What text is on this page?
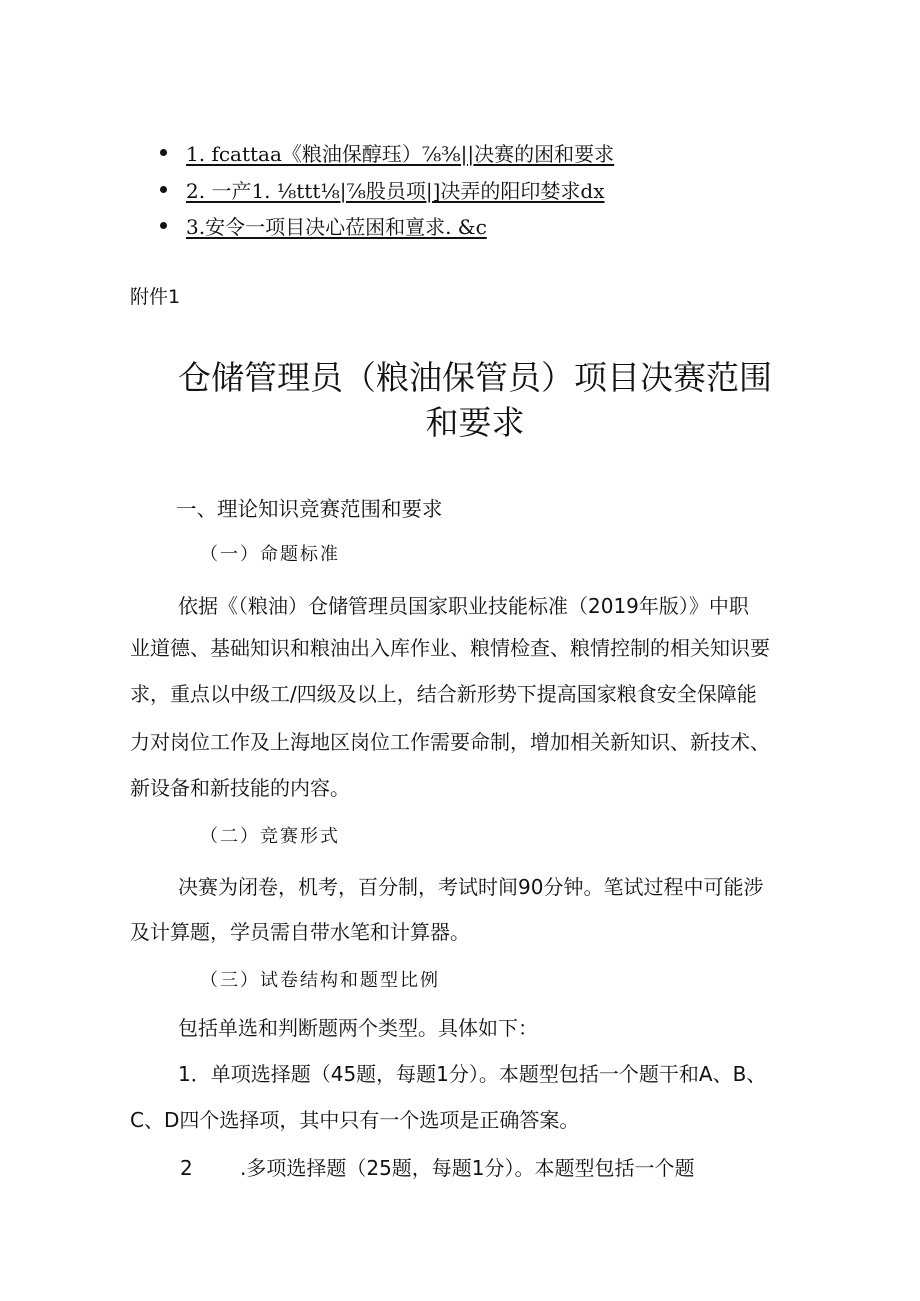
1. fcattaa《粮油保醇珏）⅞⅜||决赛的困和要求
2. 一产1. ⅛ttt⅛|⅞股员项|]决弄的阳印婪求dx
3.安令一项目决心莅困和亶求. &c
附件1
仓储管理员（粮油保管员）项目决赛范围
和要求
一、理论知识竞赛范围和要求
（一）命题标准
依据《（粮油）仓储管理员国家职业技能标准（2019年版）》中职
业道德、基础知识和粮油出入库作业、粮情检查、粮情控制的相关知识要
求，重点以中级工/四级及以上，结合新形势下提高国家粮食安全保障能
力对岗位工作及上海地区岗位工作需要命制，增加相关新知识、新技术、
新设备和新技能的内容。
（二）竞赛形式
决赛为闭卷，机考，百分制，考试时间90分钟。笔试过程中可能涉
及计算题，学员需自带水笔和计算器。
（三）试卷结构和题型比例
包括单选和判断题两个类型。具体如下：
1．单项选择题（45题，每题1分）。本题型包括一个题干和A、B、
C、D四个选择项，其中只有一个选项是正确答案。
2 .多项选择题（25题，每题1分）。本题型包括一个题
